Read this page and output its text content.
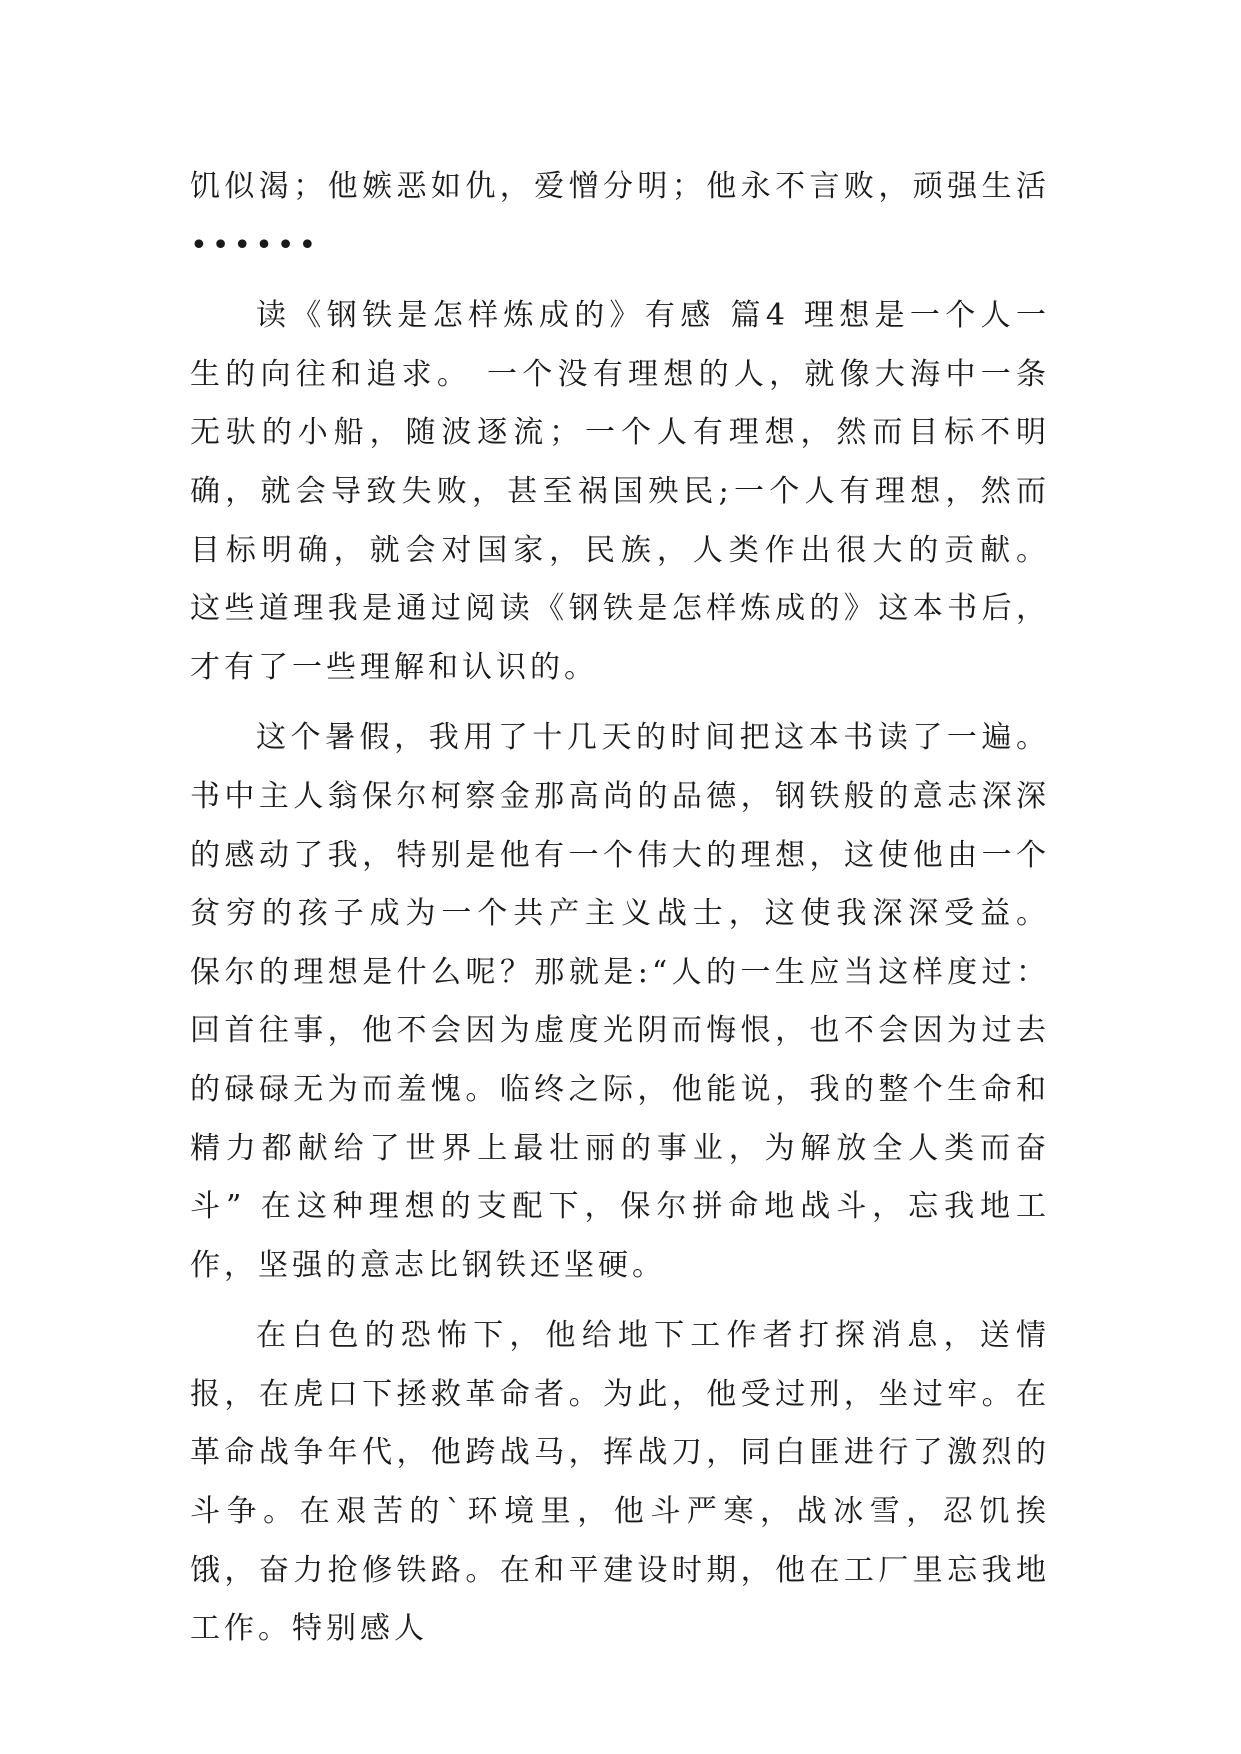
饥似渴；他嫉恶如仇，爱憎分明；他永不言败，顽强生活••••••

读《钢铁是怎样炼成的》有感 篇4 理想是一个人一生的向往和追求。 一个没有理想的人，就像大海中一条无驮的小船，随波逐流；一个人有理想，然而目标不明确，就会导致失败，甚至祸国殃民;一个人有理想，然而目标明确，就会对国家，民族，人类作出很大的贡献。 这些道理我是通过阅读《钢铁是怎样炼成的》这本书后，才有了一些理解和认识的。

这个暑假，我用了十几天的时间把这本书读了一遍。书中主人翁保尔柯察金那高尚的品德，钢铁般的意志深深的感动了我，特别是他有一个伟大的理想，这使他由一个贫穷的孩子成为一个共产主义战士，这使我深深受益。 保尔的理想是什么呢？那就是:“人的一生应当这样度过：回首往事，他不会因为虚度光阴而悔恨，也不会因为过去的碌碌无为而羞愧。临终之际，他能说，我的整个生命和精力都献给了世界上最壮丽的事业，为解放全人类而奋斗” 在这种理想的支配下，保尔拼命地战斗，忘我地工作，坚强的意志比钢铁还坚硬。

在白色的恐怖下，他给地下工作者打探消息，送情报，在虎口下拯救革命者。为此，他受过刑，坐过牢。在革命战争年代，他跨战马，挥战刀，同白匪进行了激烈的斗争。在艰苦的`环境里，他斗严寒，战冰雪，忍饥挨饿，奋力抢修铁路。在和平建设时期，他在工厂里忘我地工作。特别感人
